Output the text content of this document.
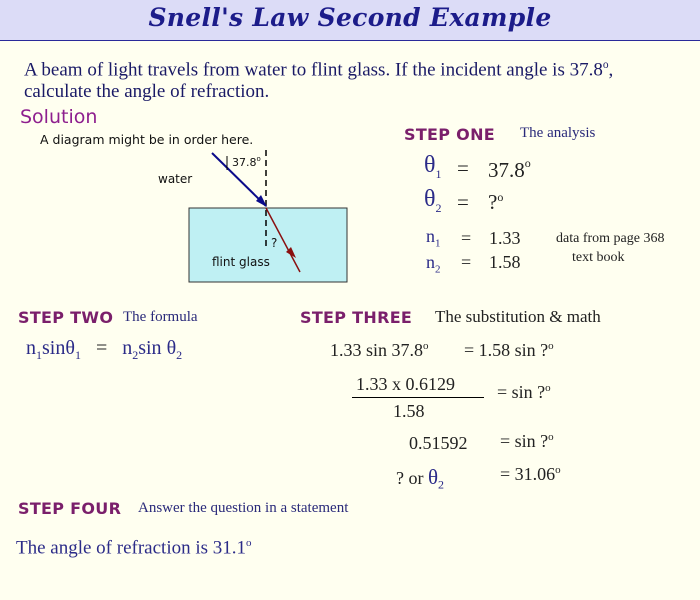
Snell's Law Second Example
A beam of light travels from water to flint glass. If the incident angle is 37.8$^o$,
calculate the angle of refraction.
Solution
A diagram might be in order here.
37.8$^o$
?
water
flint glass
STEP ONE The analysis
$\theta_1 = 37.8^o$
$\theta_2$ = ?$^o$
$n_1 = 1.33$
$n_2 = 1.58$
data from page 368
text book
STEP TWO The formula
$n_1\sin\theta_1 = n_2\sin$ $\theta_2$
STEP THREE The substitution & math
1.33 $\sin 37.8^o = 1.58$ sin ?$^o$
1.33 x 0.6129
1.58
= sin ?$^o$
0.51592 = sin ?$^o$
? or $\theta_2$
= $31.06^o$
STEP FOUR Answer the question in a statement
The angle of refraction is 31.1$^o$
